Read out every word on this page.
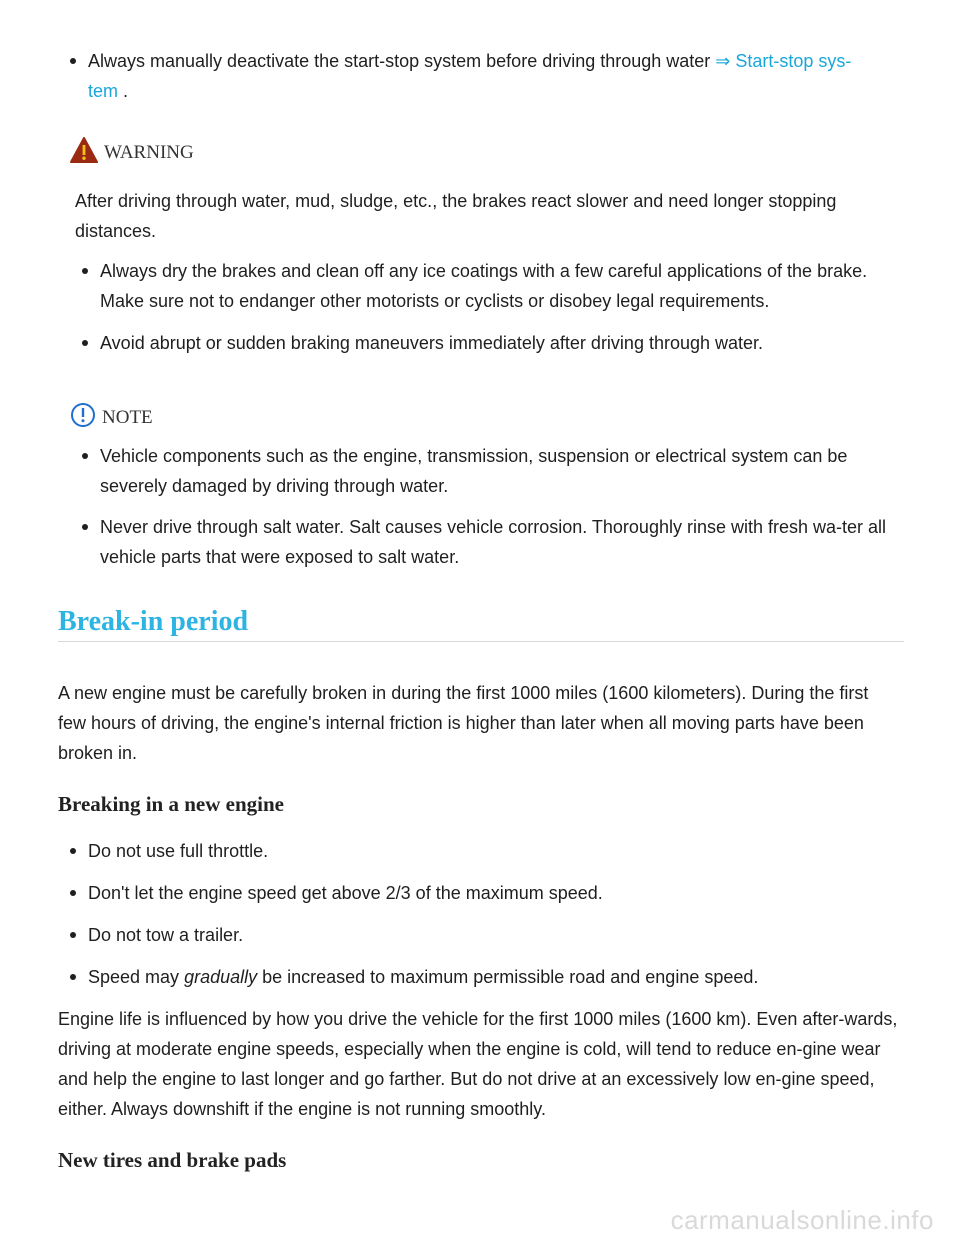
Always manually deactivate the start-stop system before driving through water ⇒ Start-stop sys-
tem .
WARNING

After driving through water, mud, sludge, etc., the brakes react slower and need longer stopping distances.

Always dry the brakes and clean off any ice coatings with a few careful applications of the brake. Make sure not to endanger other motorists or cyclists or disobey legal requirements.
Avoid abrupt or sudden braking maneuvers immediately after driving through water.
NOTE
Vehicle components such as the engine, transmission, suspension or electrical system can be severely damaged by driving through water.
Never drive through salt water. Salt causes vehicle corrosion. Thoroughly rinse with fresh wa-ter all vehicle parts that were exposed to salt water.
Break-in period

A new engine must be carefully broken in during the first 1000 miles (1600 kilometers). During the first few hours of driving, the engine's internal friction is higher than later when all moving parts have been broken in.

Breaking in a new engine
Do not use full throttle.
Don't let the engine speed get above 2/3 of the maximum speed.
Do not tow a trailer.
Speed may gradually be increased to maximum permissible road and engine speed.

Engine life is influenced by how you drive the vehicle for the first 1000 miles (1600 km). Even after-wards, driving at moderate engine speeds, especially when the engine is cold, will tend to reduce en-gine wear and help the engine to last longer and go farther. But do not drive at an excessively low en-gine speed, either. Always downshift if the engine is not running smoothly.

New tires and brake pads
carmanualsonline.info
